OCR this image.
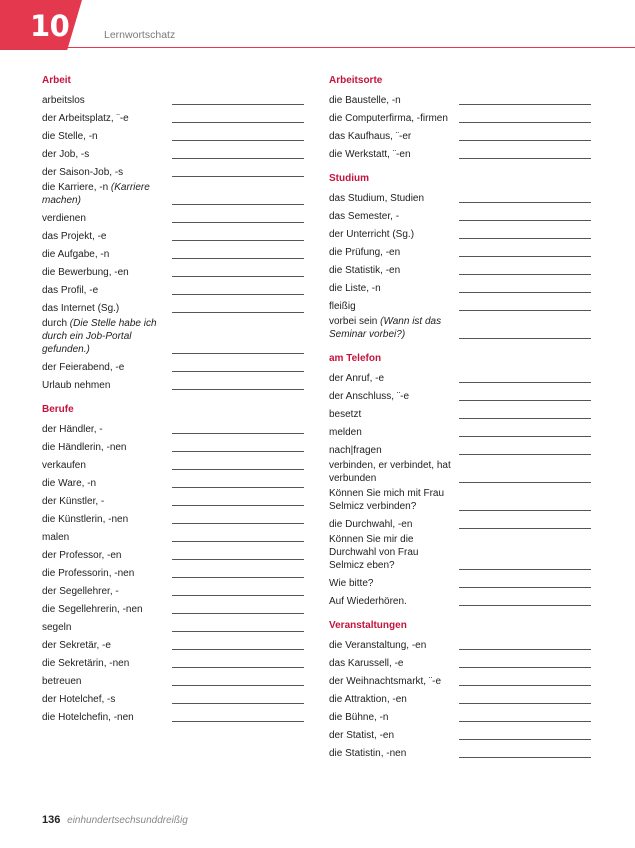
10	Lernwortschatz
Arbeit
arbeitslos
der Arbeitsplatz, ¨-e
die Stelle, -n
der Job, -s
der Saison-Job, -s
die Karriere, -n (Karriere machen)
verdienen
das Projekt, -e
die Aufgabe, -n
die Bewerbung, -en
das Profil, -e
das Internet (Sg.)
durch (Die Stelle habe ich durch ein Job-Portal gefunden.)
der Feierabend, -e
Urlaub nehmen
Berufe
der Händler, -
die Händlerin, -nen
verkaufen
die Ware, -n
der Künstler, -
die Künstlerin, -nen
malen
der Professor, -en
die Professorin, -nen
der Segellehrer, -
die Segellehrerin, -nen
segeln
der Sekretär, -e
die Sekretärin, -nen
betreuen
der Hotelchef, -s
die Hotelchefin, -nen
Arbeitsorte
die Baustelle, -n
die Computerfirma, -firmen
das Kaufhaus, ¨-er
die Werkstatt, ¨-en
Studium
das Studium, Studien
das Semester, -
der Unterricht (Sg.)
die Prüfung, -en
die Statistik, -en
die Liste, -n
fleißig
vorbei sein (Wann ist das Seminar vorbei?)
am Telefon
der Anruf, -e
der Anschluss, ¨-e
besetzt
melden
nach|fragen
verbinden, er verbindet, hat verbunden
Können Sie mich mit Frau Selmicz verbinden?
die Durchwahl, -en
Können Sie mir die Durchwahl von Frau Selmicz eben?
Wie bitte?
Auf Wiederhören.
Veranstaltungen
die Veranstaltung, -en
das Karussell, -e
der Weihnachtsmarkt, ¨-e
die Attraktion, -en
die Bühne, -n
der Statist, -en
die Statistin, -nen
136 einhundertsechsunddreißig
